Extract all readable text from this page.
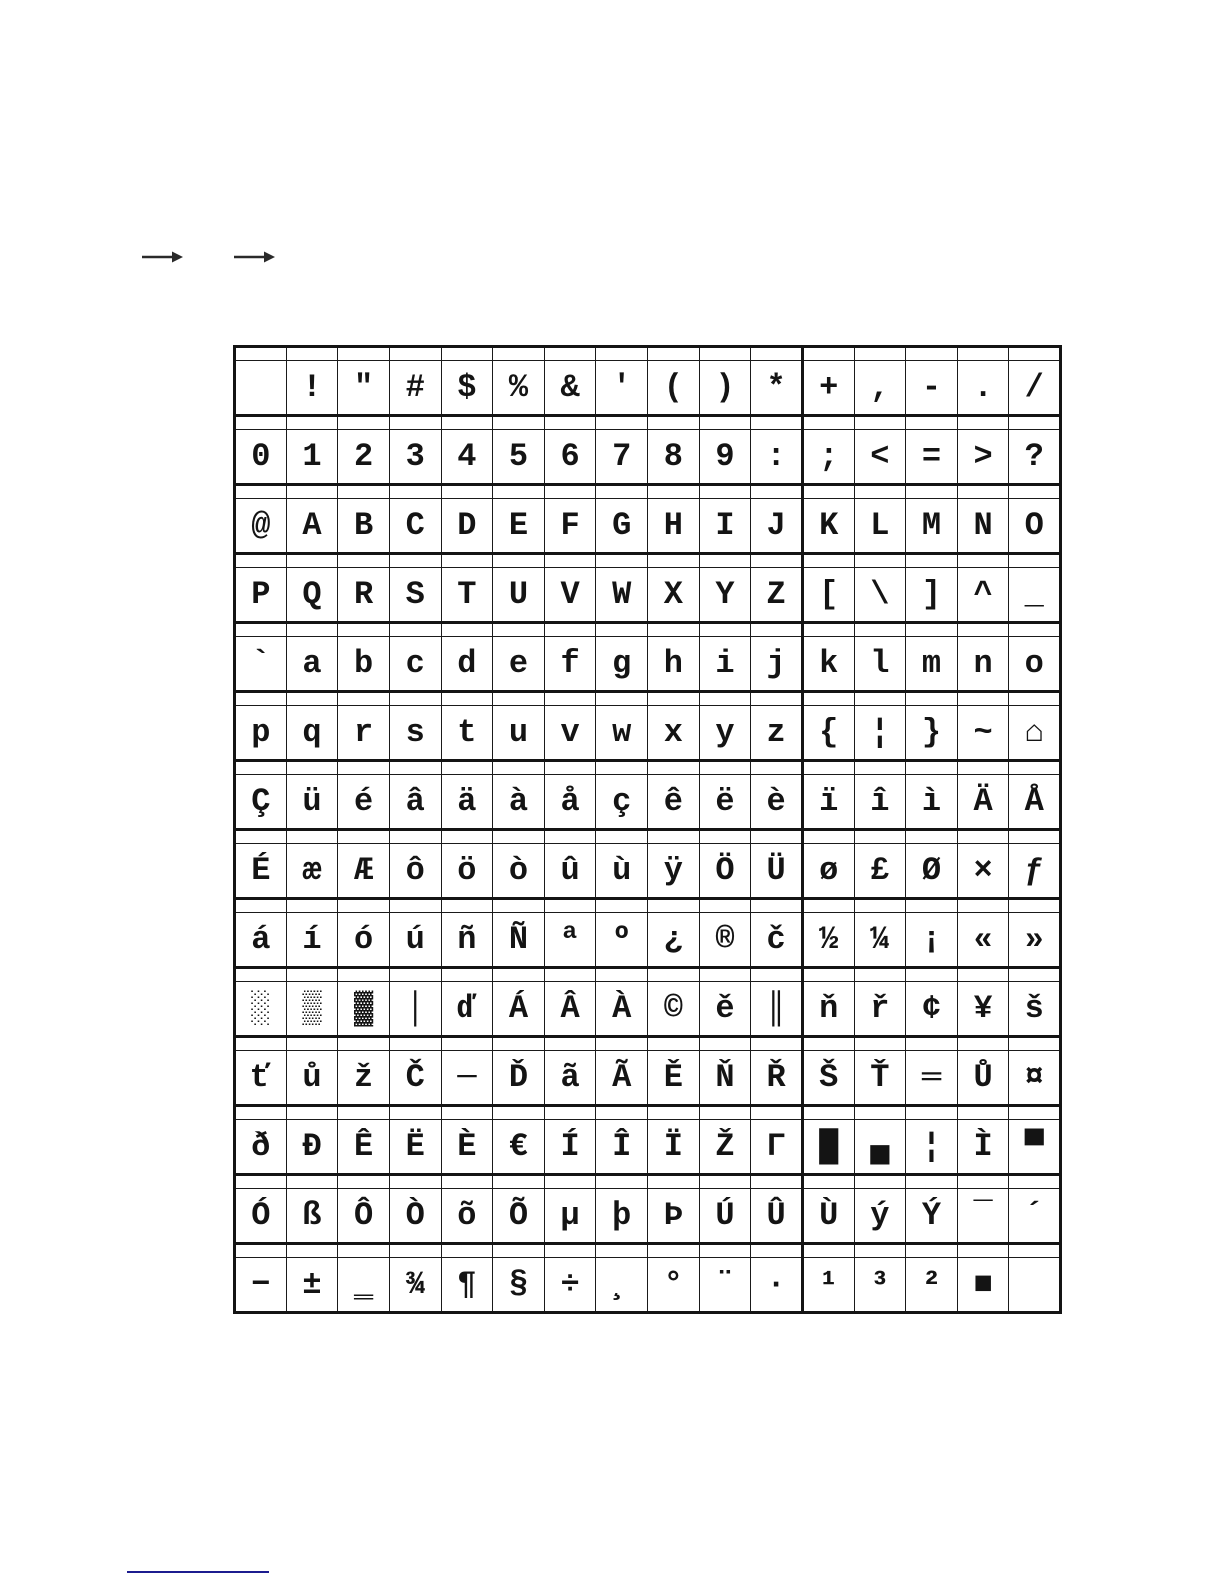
	!	"	#	$	%	&	'	(	)	*	+	,	-	.	/

0	1	2	3	4	5	6	7	8	9	:	;	<	=	>	?

@	A	B	C	D	E	F	G	H	I	J	K	L	M	N	O

P	Q	R	S	T	U	V	W	X	Y	Z	[	\	]	^	_

`	a	b	c	d	e	f	g	h	i	j	k	l	m	n	o

p	q	r	s	t	u	v	w	x	y	z	{	¦	}	~	⌂

Ç	ü	é	â	ä	à	å	ç	ê	ë	è	ï	î	ì	Ä	Å

É	æ	Æ	ô	ö	ò	û	ù	ÿ	Ö	Ü	ø	£	Ø	×	ƒ

á	í	ó	ú	ñ	Ñ	ª	º	¿	®	č	½	¼	¡	«	»

░	▒	▓	│	ď	Á	Â	À	©	ě	║	ň	ř	¢	¥	š

ť	ů	ž	Č	─	Ď	ã	Ã	Ě	Ň	Ř	Š	Ť	═	Ů	¤

ð	Ð	Ê	Ë	È	€	Í	Î	Ï	Ž	Γ	█	▄	¦	Ì	▀

Ó	ß	Ô	Ò	õ	Õ	µ	þ	Þ	Ú	Û	Ù	ý	Ý	¯	´

−	±	‗	¾	¶	§	÷	¸	°	¨	·	¹	³	²	■	
